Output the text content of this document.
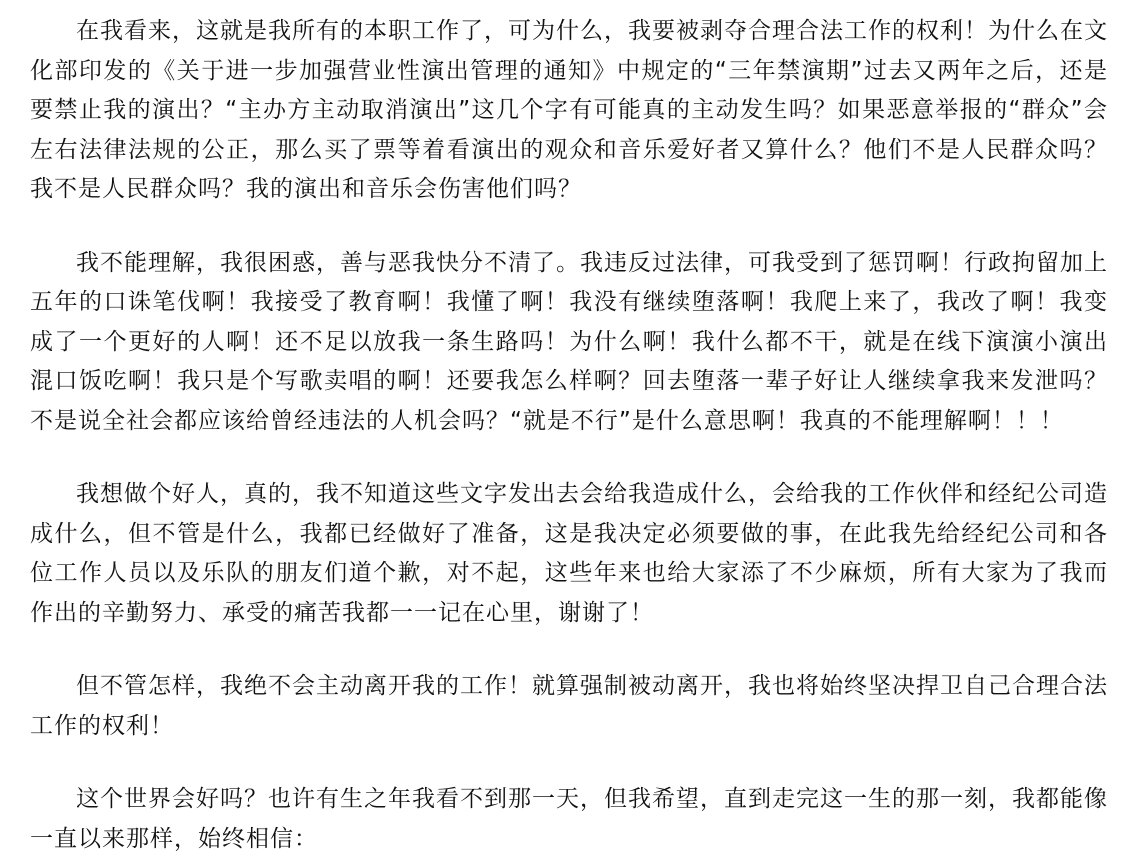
在我看来，这就是我所有的本职工作了，可为什么，我要被剥夺合理合法工作的权利！为什么在文化部印发的《关于进一步加强营业性演出管理的通知》中规定的“三年禁演期”过去又两年之后，还是要禁止我的演出？“主办方主动取消演出”这几个字有可能真的主动发生吗？如果恶意举报的“群众”会左右法律法规的公正，那么买了票等着看演出的观众和音乐爱好者又算什么？他们不是人民群众吗？我不是人民群众吗？我的演出和音乐会伤害他们吗？

我不能理解，我很困惑，善与恶我快分不清了。我违反过法律，可我受到了惩罚啊！行政拘留加上五年的口诛笔伐啊！我接受了教育啊！我懂了啊！我没有继续堕落啊！我爬上来了，我改了啊！我变成了一个更好的人啊！还不足以放我一条生路吗！为什么啊！我什么都不干，就是在线下演演小演出混口饭吃啊！我只是个写歌卖唱的啊！还要我怎么样啊？回去堕落一辈子好让人继续拿我来发泄吗？不是说全社会都应该给曾经违法的人机会吗？“就是不行”是什么意思啊！我真的不能理解啊！！！

我想做个好人，真的，我不知道这些文字发出去会给我造成什么，会给我的工作伙伴和经纪公司造成什么，但不管是什么，我都已经做好了准备，这是我决定必须要做的事，在此我先给经纪公司和各位工作人员以及乐队的朋友们道个歉，对不起，这些年来也给大家添了不少麻烦，所有大家为了我而作出的辛勤努力、承受的痛苦我都一一记在心里，谢谢了！

但不管怎样，我绝不会主动离开我的工作！就算强制被动离开，我也将始终坚决捍卫自己合理合法工作的权利！

这个世界会好吗？也许有生之年我看不到那一天，但我希望，直到走完这一生的那一刻，我都能像一直以来那样，始终相信：
